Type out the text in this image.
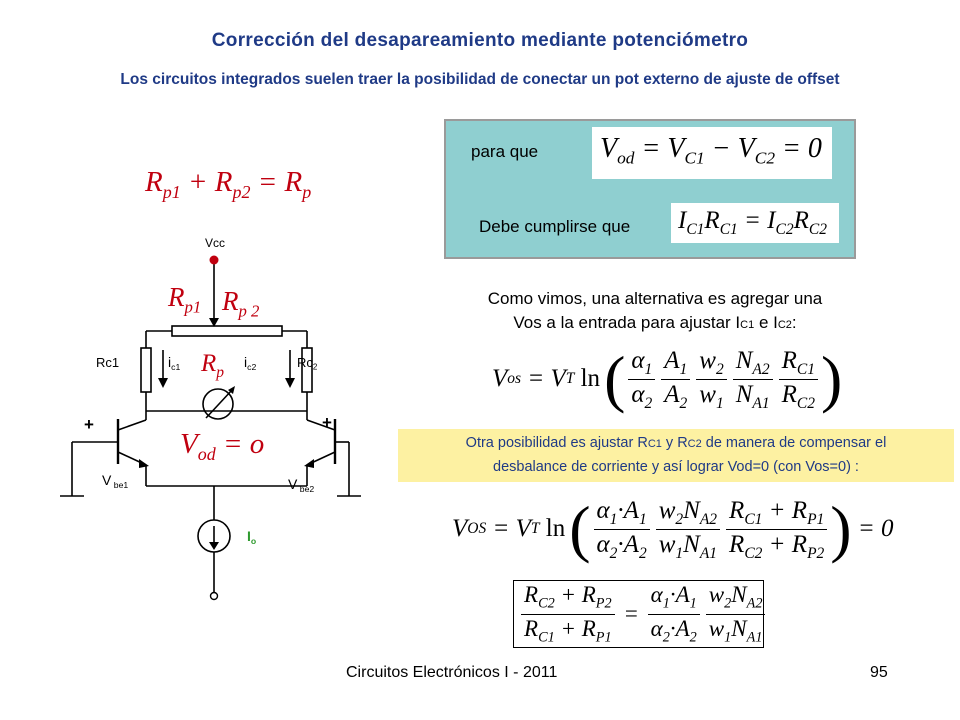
Corrección del desapareamiento mediante potenciómetro
Los circuitos integrados suelen traer la posibilidad de conectar un pot externo de ajuste de offset
$R_{p1} + R_{p2} = R_p$
Vcc
$R_{p1}$ $R_{p 2}$
Rc1	Rc2
ic1	ic2
$R_p$
$V_{od} = o$
+	+
V be1	V be2
Io
para que $V_{od} = V_{C1} - V_{C2} = 0$
Debe cumplirse que $I_{C1}R_{C1} = I_{C2}R_{C2}$
Como vimos, una alternativa es agregar una
Vos a la entrada para ajustar IC1 e IC2:
V os = V T
ln ( $\frac{\alpha_1}{\alpha_2} \frac{A_1}{A_2} \frac{w_2}{w_1} \frac{N_{A2}}{N_{A1}} \frac{R_{C1}}{R_{C2}}$ )
Otra posibilidad es ajustar RC1 y RC2 de manera de compensar el
desbalance de corriente y así lograr Vod=0 (con Vos=0) :
V OS = V T
ln ( $\frac{\alpha_1\cdot A_1}{\alpha_2\cdot A_2} \frac{w_2N_{A2}}{w_1N_{A1}} \frac{R_{C1} + R_{P1}}{R_{C2} + R_{P2}}$ ) = 0
$\frac{R_{C2} + R_{P2}}{R_{C1} + R_{P1}} = \frac{\alpha_1\cdot A_1}{\alpha_2\cdot A_2} \frac{w_2N_{A2}}{w_1N_{A1}}$
Circuitos Electrónicos I - 2011	95
